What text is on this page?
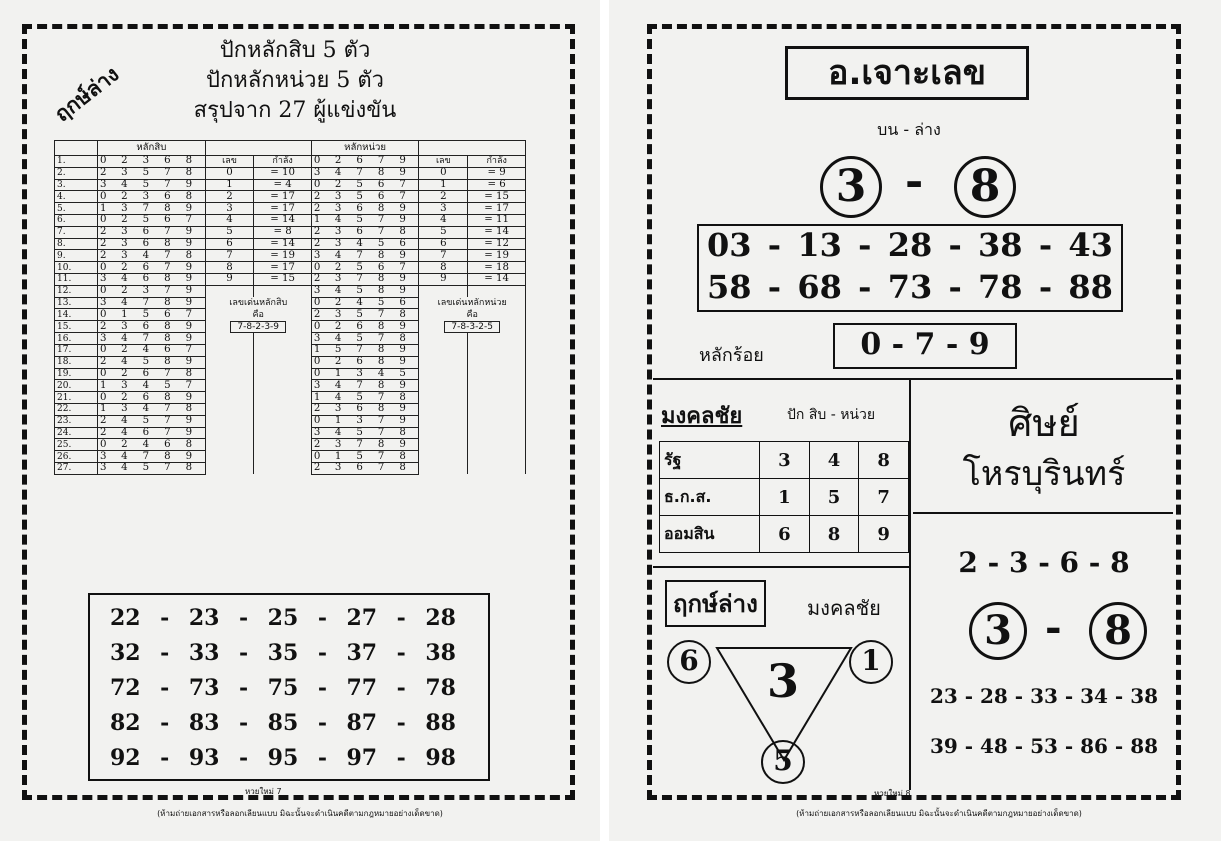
ฤกษ์ล่าง
ปักหลักสิบ 5 ตัว
ปักหลักหน่วย 5 ตัว
สรุปจาก 27 ผู้แข่งขัน
	หลักสิบ							หลักหน่วย						
1.	0	2	3	6	8	เลข	กำลัง	0	2	6	7	9	เลข	กำลัง
2.	2	3	5	7	8	0	= 10	3	4	7	8	9	0	= 9
3.	3	4	5	7	9	1	= 4	0	2	5	6	7	1	= 6
4.	0	2	3	6	8	2	= 17	2	3	5	6	7	2	= 15
5.	1	3	7	8	9	3	= 17	2	3	6	8	9	3	= 17
6.	0	2	5	6	7	4	= 14	1	4	5	7	9	4	= 11
7.	2	3	6	7	9	5	= 8	2	3	6	7	8	5	= 14
8.	2	3	6	8	9	6	= 14	2	3	4	5	6	6	= 12
9.	2	3	4	7	8	7	= 19	3	4	7	8	9	7	= 19
10.	0	2	6	7	9	8	= 17	0	2	5	6	7	8	= 18
11.	3	4	6	8	9	9	= 15	2	3	7	8	9	9	= 14
12.	0	2	3	7	9			3	4	5	8	9		
13.	3	4	7	8	9	เลขเด่นหลักสิบ		0	2	4	5	6	เลขเด่นหลักหน่วย	
14.	0	1	5	6	7	คือ		2	3	5	7	8	คือ	
15.	2	3	6	8	9	7-8-2-3-9		0	2	6	8	9	7-8-3-2-5	
16.	3	4	7	8	9			3	4	5	7	8		
17.	0	2	4	6	7			1	5	7	8	9		
18.	2	4	5	8	9			0	2	6	8	9		
19.	0	2	6	7	8			0	1	3	4	5		
20.	1	3	4	5	7			3	4	7	8	9		
21.	0	2	6	8	9			1	4	5	7	8		
22.	1	3	4	7	8			2	3	6	8	9		
23.	2	4	5	7	9			0	1	3	7	9		
24.	2	4	6	7	9			3	4	5	7	8		
25.	0	2	4	6	8			2	3	7	8	9		
26.	3	4	7	8	9			0	1	5	7	8		
27.	3	4	5	7	8			2	3	6	7	8		
22 - 23 - 25 - 27 - 28
32 - 33 - 35 - 37 - 38
72 - 73 - 75 - 77 - 78
82 - 83 - 85 - 87 - 88
92 - 93 - 95 - 97 - 98
หวยใหม่ 7
(ห้ามถ่ายเอกสารหรือลอกเลียนแบบ มิฉะนั้นจะดำเนินคดีตามกฎหมายอย่างเด็ดขาด)
อ.เจาะเลข
บน - ล่าง
3 -	8
03 - 13 - 28 - 38 - 43
58 - 68 - 73 - 78 - 88
หลักร้อย	0 - 7 - 9
มงคลชัย	ปัก สิบ - หน่วย
รัฐ	3	4	8
ธ.ก.ส.	1	5	7
ออมสิน	6	8	9
ฤกษ์ล่าง	มงคลชัย
6	1
3
5
ศิษย์
โหรบุรินทร์
2 - 3 - 6 - 8
3 -	8
23 - 28 - 33 - 34 - 38
39 - 48 - 53 - 86 - 88
หวยใหม่ 8
(ห้ามถ่ายเอกสารหรือลอกเลียนแบบ มิฉะนั้นจะดำเนินคดีตามกฎหมายอย่างเด็ดขาด)
